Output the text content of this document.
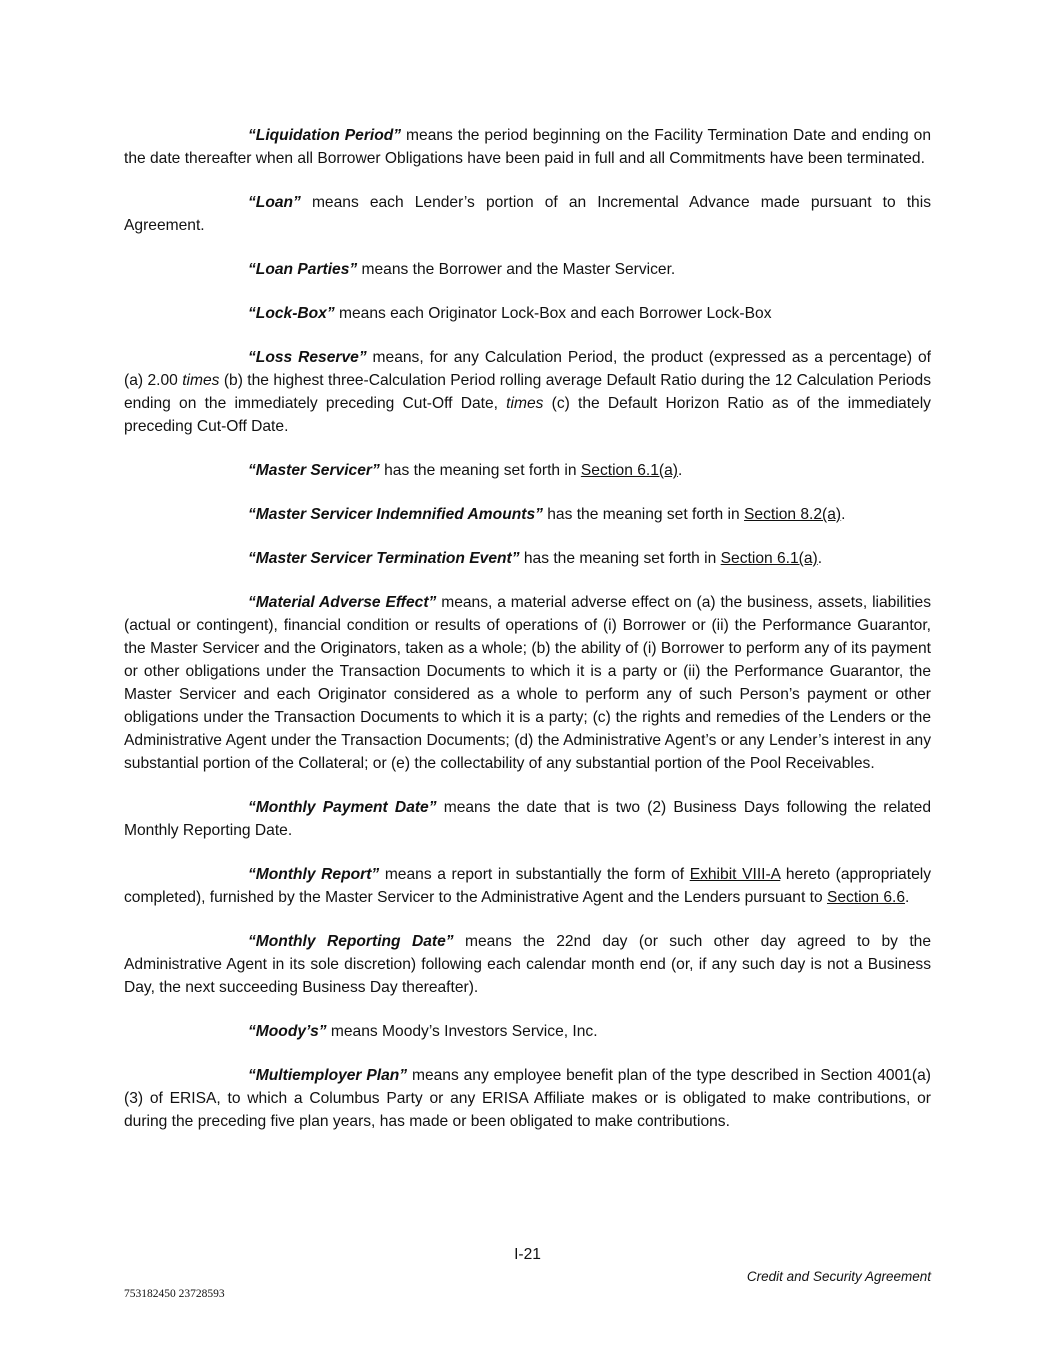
“Liquidation Period” means the period beginning on the Facility Termination Date and ending on the date thereafter when all Borrower Obligations have been paid in full and all Commitments have been terminated.

“Loan” means each Lender’s portion of an Incremental Advance made pursuant to this Agreement.

“Loan Parties” means the Borrower and the Master Servicer.

“Lock-Box” means each Originator Lock-Box and each Borrower Lock-Box

“Loss Reserve” means, for any Calculation Period, the product (expressed as a percentage) of (a) 2.00 times (b) the highest three-Calculation Period rolling average Default Ratio during the 12 Calculation Periods ending on the immediately preceding Cut-Off Date, times (c) the Default Horizon Ratio as of the immediately preceding Cut-Off Date.

“Master Servicer” has the meaning set forth in Section 6.1(a).

“Master Servicer Indemnified Amounts” has the meaning set forth in Section 8.2(a).

“Master Servicer Termination Event” has the meaning set forth in Section 6.1(a).

“Material Adverse Effect” means, a material adverse effect on (a) the business, assets, liabilities (actual or contingent), financial condition or results of operations of (i) Borrower or (ii) the Performance Guarantor, the Master Servicer and the Originators, taken as a whole; (b) the ability of (i) Borrower to perform any of its payment or other obligations under the Transaction Documents to which it is a party or (ii) the Performance Guarantor, the Master Servicer and each Originator considered as a whole to perform any of such Person’s payment or other obligations under the Transaction Documents to which it is a party; (c) the rights and remedies of the Lenders or the Administrative Agent under the Transaction Documents; (d) the Administrative Agent’s or any Lender’s interest in any substantial portion of the Collateral; or (e) the collectability of any substantial portion of the Pool Receivables.

“Monthly Payment Date” means the date that is two (2) Business Days following the related Monthly Reporting Date.

“Monthly Report” means a report in substantially the form of Exhibit VIII-A hereto (appropriately completed), furnished by the Master Servicer to the Administrative Agent and the Lenders pursuant to Section 6.6.

“Monthly Reporting Date” means the 22nd day (or such other day agreed to by the Administrative Agent in its sole discretion) following each calendar month end (or, if any such day is not a Business Day, the next succeeding Business Day thereafter).

“Moody’s” means Moody’s Investors Service, Inc.

“Multiemployer Plan” means any employee benefit plan of the type described in Section 4001(a)(3) of ERISA, to which a Columbus Party or any ERISA Affiliate makes or is obligated to make contributions, or during the preceding five plan years, has made or been obligated to make contributions.

I-21
Credit and Security Agreement
753182450 23728593
